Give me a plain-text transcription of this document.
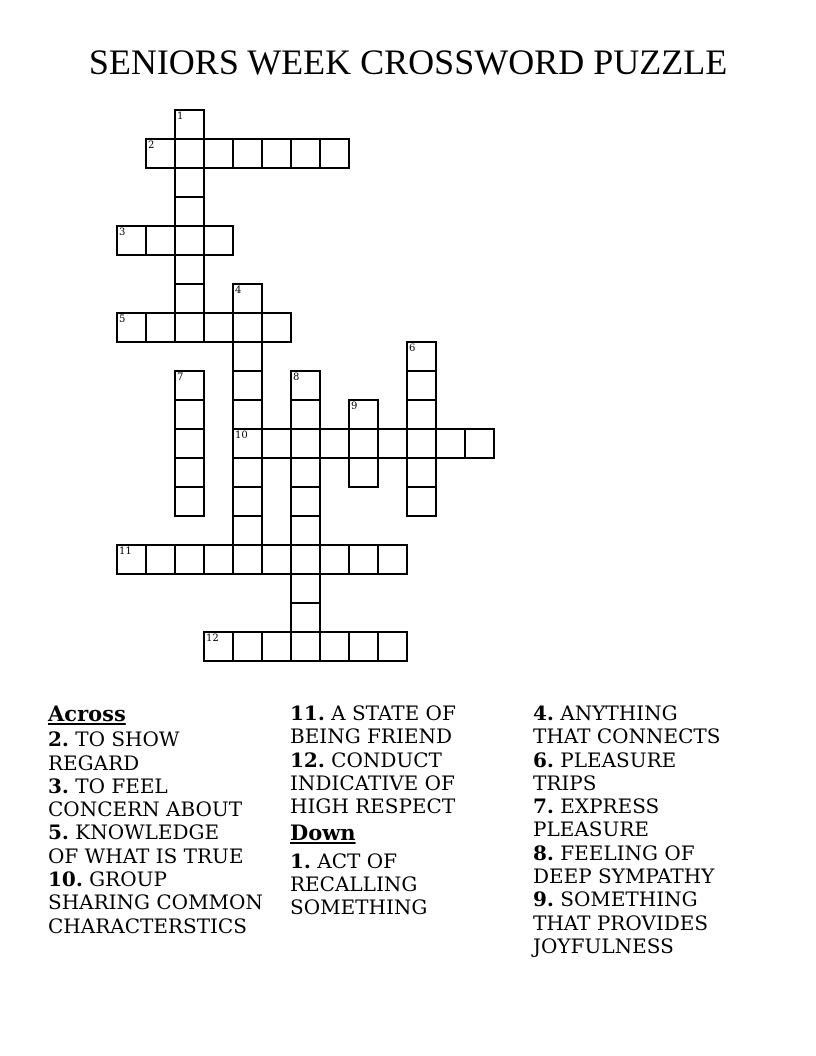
SENIORS WEEK CROSSWORD PUZZLE
1
2
3
4
5
6
7	8
9
10
11
12
Across

2. TO SHOW
REGARD

3. TO FEEL
CONCERN ABOUT

5. KNOWLEDGE
OF WHAT IS TRUE

10. GROUP
SHARING COMMON
CHARACTERSTICS

11. A STATE OF
BEING FRIEND

12. CONDUCT
INDICATIVE OF
HIGH RESPECT

Down

1. ACT OF
RECALLING
SOMETHING

4. ANYTHING
THAT CONNECTS

6. PLEASURE
TRIPS

7. EXPRESS
PLEASURE

8. FEELING OF
DEEP SYMPATHY

9. SOMETHING
THAT PROVIDES
JOYFULNESS
